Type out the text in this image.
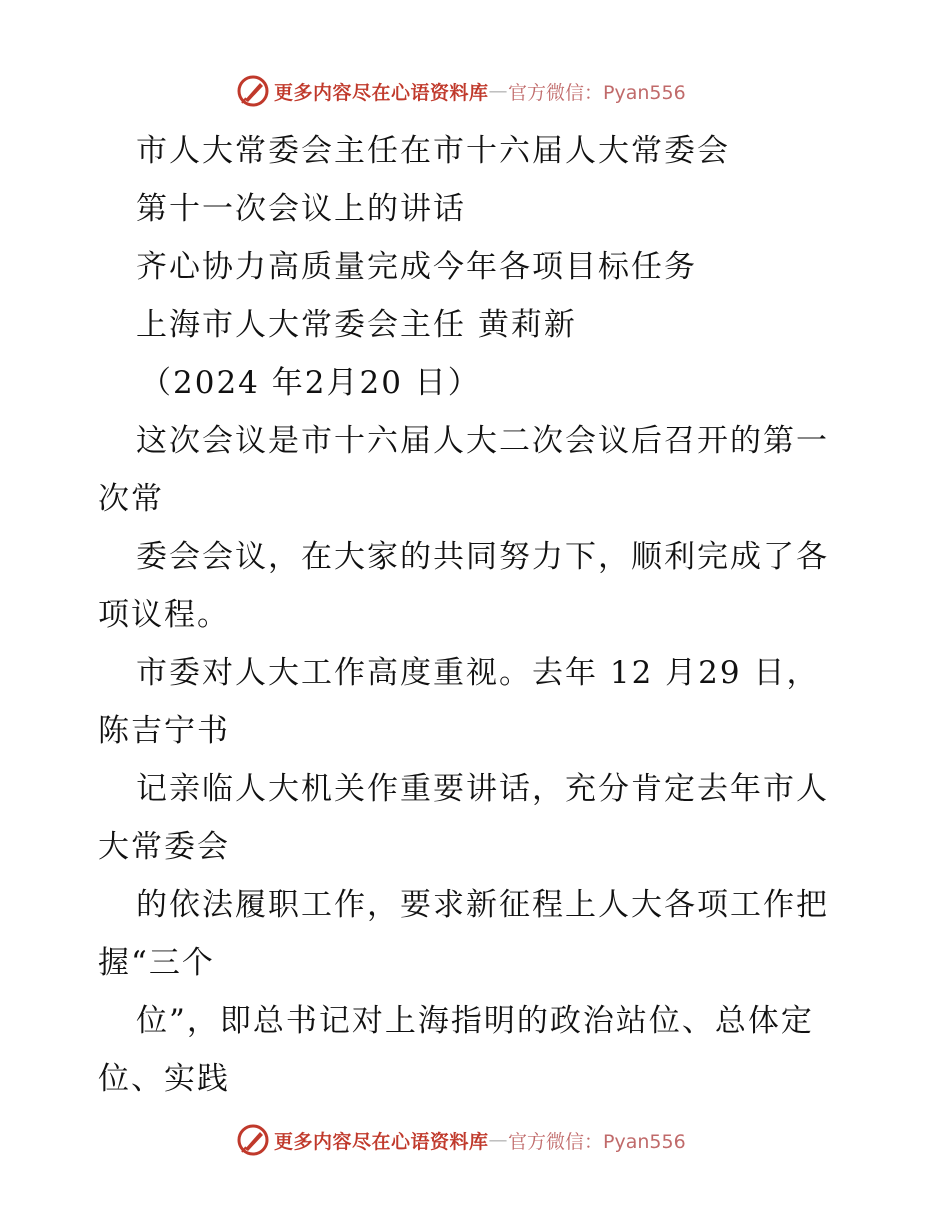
更多内容尽在心语资料库 — 官方微信：Pyan556
市人大常委会主任在市十六届人大常委会
第十一次会议上的讲话
齐心协力高质量完成今年各项目标任务
上海市人大常委会主任 黄莉新
（2024 年2月20 日）
这次会议是市十六届人大二次会议后召开的第一
次常
委会会议，在大家的共同努力下，顺利完成了各
项议程。
市委对人大工作高度重视。去年 12 月29 日，
陈吉宁书
记亲临人大机关作重要讲话，充分肯定去年市人
大常委会
的依法履职工作，要求新征程上人大各项工作把
握“三个
位”，即总书记对上海指明的政治站位、总体定
位、实践
更多内容尽在心语资料库 — 官方微信：Pyan556
